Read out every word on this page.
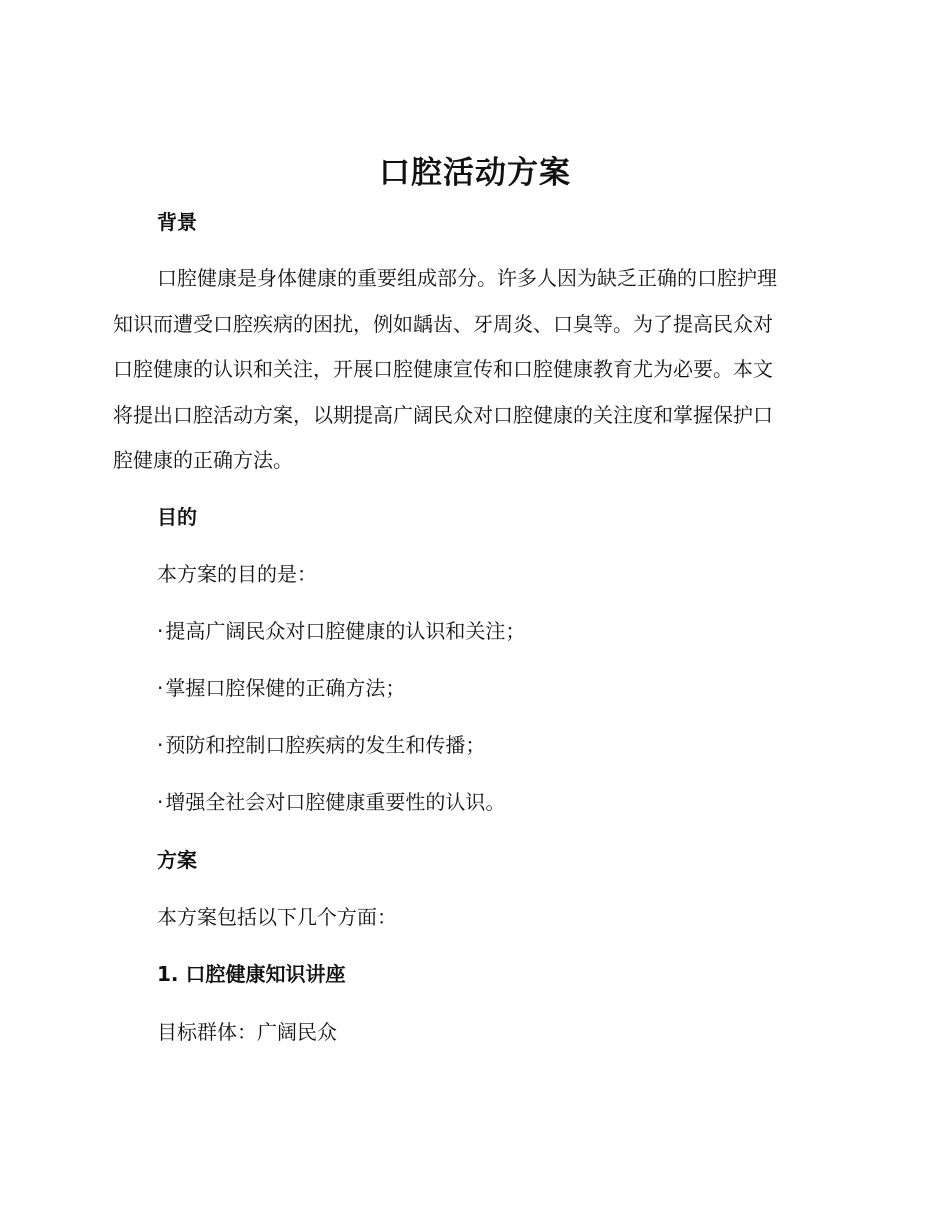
口腔活动方案
背景
口腔健康是身体健康的重要组成部分。许多人因为缺乏正确的口腔护理
知识而遭受口腔疾病的困扰，例如龋齿、牙周炎、口臭等。为了提高民众对
口腔健康的认识和关注，开展口腔健康宣传和口腔健康教育尤为必要。本文
将提出口腔活动方案，以期提高广阔民众对口腔健康的关注度和掌握保护口
腔健康的正确方法。
目的
本方案的目的是：
· 提高广阔民众对口腔健康的认识和关注；
· 掌握口腔保健的正确方法；
· 预防和控制口腔疾病的发生和传播；
· 增强全社会对口腔健康重要性的认识。
方案
本方案包括以下几个方面：
1. 口腔健康知识讲座
目标群体：广阔民众
